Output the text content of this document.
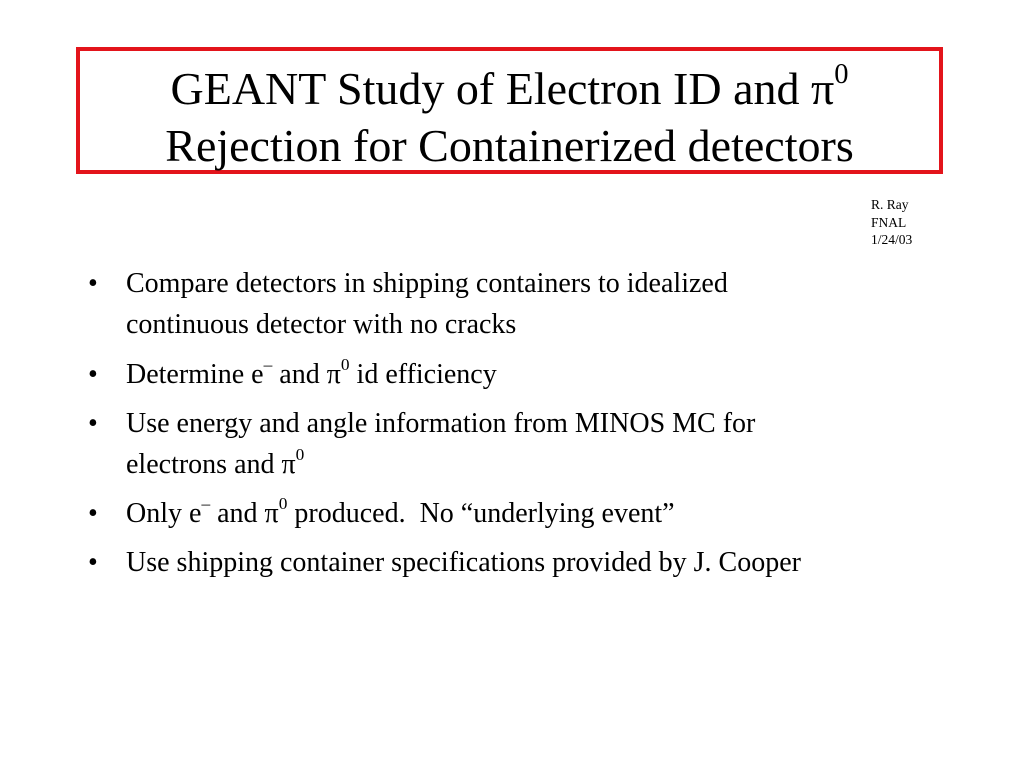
GEANT Study of Electron ID and $\pi^0$
Rejection for Containerized detectors
R. Ray
FNAL
1/24/03
• Compare detectors in shipping containers to idealized
continuous detector with no cracks
• Determine e– and $\pi^0$ id efficiency
• Use energy and angle information from MINOS MC for
electrons and $\pi^0$
• Only e– and $\pi^0$ produced.  No “underlying event”
• Use shipping container specifications provided by J. Cooper
